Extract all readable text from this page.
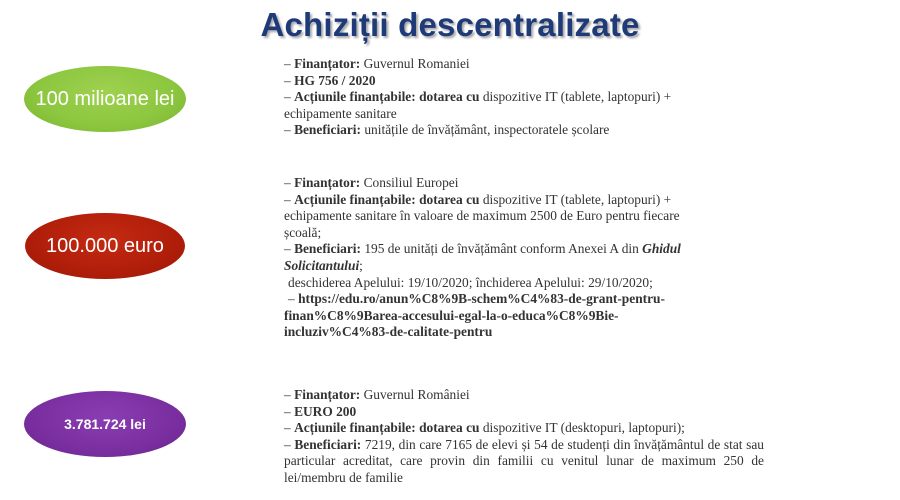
Achiziții descentralizate
100 milioane lei
100.000 euro
3.781.724 lei
– Finanțator: Guvernul Romaniei
– HG 756 / 2020
– Acțiunile finanțabile: dotarea cu dispozitive IT (tablete, laptopuri) +
echipamente sanitare
– Beneficiari: unitățile de învățământ, inspectoratele școlare
– Finanțator: Consiliul Europei
– Acțiunile finanțabile: dotarea cu dispozitive IT (tablete, laptopuri) +
echipamente sanitare în valoare de maximum 2500 de Euro pentru fiecare
școală;
– Beneficiari: 195 de unități de învățământ conform Anexei A din Ghidul
Solicitantului;
deschiderea Apelului: 19/10/2020; închiderea Apelului: 29/10/2020;
– https://edu.ro/anun%C8%9B-schem%C4%83-de-grant-pentru-
finan%C8%9Barea-accesului-egal-la-o-educa%C8%9Bie-
incluziv%C4%83-de-calitate-pentru
– Finanțator: Guvernul României
– EURO 200
– Acțiunile finanțabile: dotarea cu dispozitive IT (desktopuri, laptopuri);
– Beneficiari: 7219, din care 7165 de elevi și 54 de studenți din învățământul de stat sau particular acreditat, care provin din familii cu venitul lunar de maximum 250 de lei/membru de familie
